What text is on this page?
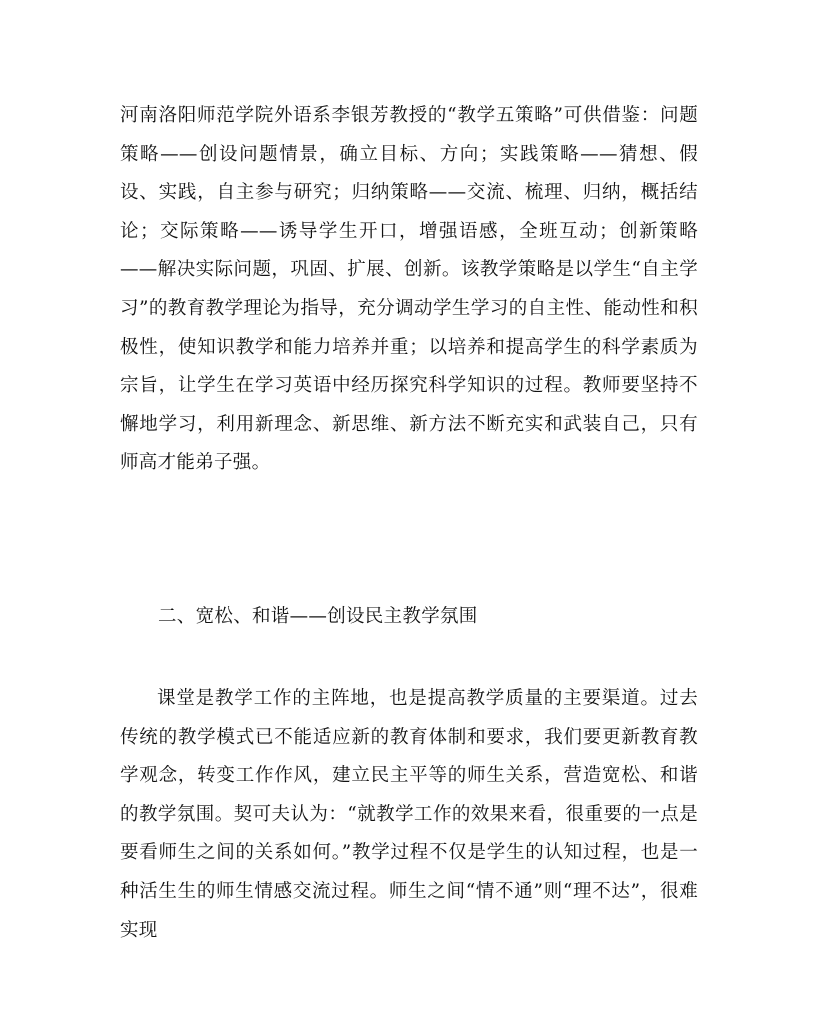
河南洛阳师范学院外语系李银芳教授的“教学五策略”可供借鉴：问题策略——创设问题情景，确立目标、方向；实践策略——猜想、假设、实践，自主参与研究；归纳策略——交流、梳理、归纳，概括结论；交际策略——诱导学生开口，增强语感，全班互动；创新策略——解决实际问题，巩固、扩展、创新。该教学策略是以学生“自主学习”的教育教学理论为指导，充分调动学生学习的自主性、能动性和积极性，使知识教学和能力培养并重；以培养和提高学生的科学素质为宗旨，让学生在学习英语中经历探究科学知识的过程。教师要坚持不懈地学习，利用新理念、新思维、新方法不断充实和武装自己，只有师高才能弟子强。

二、宽松、和谐——创设民主教学氛围

课堂是教学工作的主阵地，也是提高教学质量的主要渠道。过去传统的教学模式已不能适应新的教育体制和要求，我们要更新教育教学观念，转变工作作风，建立民主平等的师生关系，营造宽松、和谐的教学氛围。契可夫认为：“就教学工作的效果来看，很重要的一点是要看师生之间的关系如何。”教学过程不仅是学生的认知过程，也是一种活生生的师生情感交流过程。师生之间“情不通”则“理不达”，很难实现
